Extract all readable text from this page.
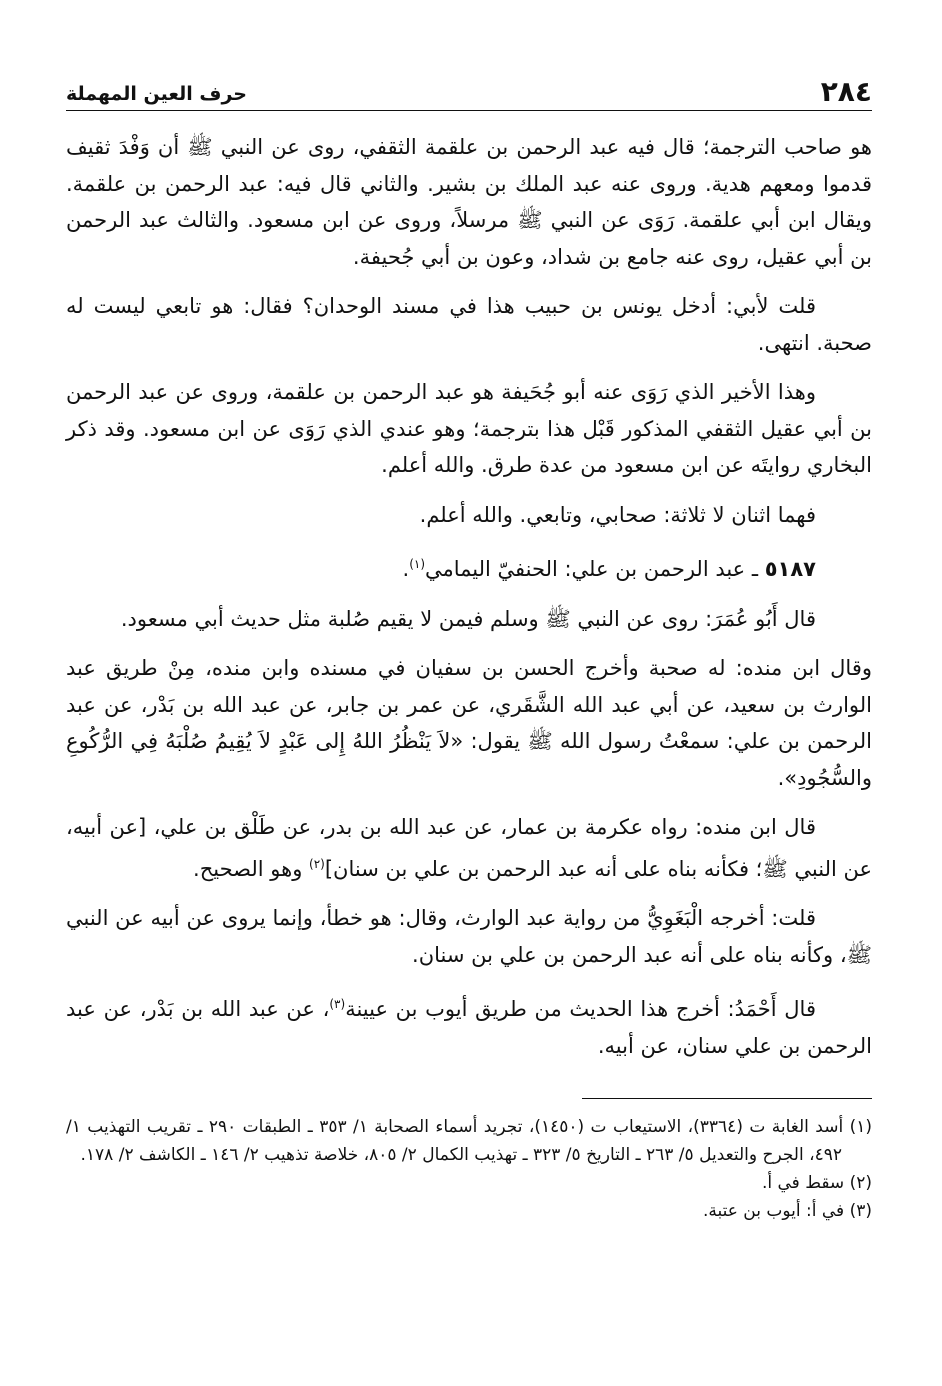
٢٨٤
حرف العين المهملة

هو صاحب الترجمة؛ قال فيه عبد الرحمن بن علقمة الثقفي، روى عن النبي ﷺ أن وَفْدَ ثقيف قدموا ومعهم هدية. وروى عنه عبد الملك بن بشير. والثاني قال فيه: عبد الرحمن بن علقمة. ويقال ابن أبي علقمة. رَوَى عن النبي ﷺ مرسلاً، وروى عن ابن مسعود. والثالث عبد الرحمن بن أبي عقيل، روى عنه جامع بن شداد، وعون بن أبي جُحيفة.

قلت لأبي: أدخل يونس بن حبيب هذا في مسند الوحدان؟ فقال: هو تابعي ليست له صحبة. انتهى.

وهذا الأخير الذي رَوَى عنه أبو جُحَيفة هو عبد الرحمن بن علقمة، وروى عن عبد الرحمن بن أبي عقيل الثقفي المذكور قَبْل هذا بترجمة؛ وهو عندي الذي رَوَى عن ابن مسعود. وقد ذكر البخاري روايتَه عن ابن مسعود من عدة طرق. والله أعلم.

فهما اثنان لا ثلاثة: صحابي، وتابعي. والله أعلم.

٥١٨٧ ـ عبد الرحمن بن علي: الحنفيّ اليمامي$^{(١)}$.

قال أَبُو عُمَرَ: روى عن النبي ﷺ وسلم فيمن لا يقيم صُلبة مثل حديث أبي مسعود.

وقال ابن منده: له صحبة وأخرج الحسن بن سفيان في مسنده وابن منده، مِنْ طريق عبد الوارث بن سعيد، عن أبي عبد الله الشَّقَري، عن عمر بن جابر، عن عبد الله بن بَدْر، عن عبد الرحمن بن علي: سمعْتُ رسول الله ﷺ يقول: «لاَ يَنْظُرُ اللهُ إِلى عَبْدٍ لاَ يُقِيمُ صُلْبَهُ فِي الرُّكُوعِ والسُّجُودِ».

قال ابن منده: رواه عكرمة بن عمار، عن عبد الله بن بدر، عن طَلْق بن علي، [عن أبيه، عن النبي ﷺ؛ فكأنه بناه على أنه عبد الرحمن بن علي بن سنان]$^{(٢)}$ وهو الصحيح.

قلت: أخرجه الْبَغَوِيُّ من رواية عبد الوارث، وقال: هو خطأ، وإنما يروى عن أبيه عن النبي ﷺ، وكأنه بناه على أنه عبد الرحمن بن علي بن سنان.

قال أَحْمَدُ: أخرج هذا الحديث من طريق أيوب بن عيينة$^{(٣)}$، عن عبد الله بن بَدْر، عن عبد الرحمن بن علي سنان، عن أبيه.

(١) أسد الغابة ت (٣٣٦٤)، الاستيعاب ت (١٤٥٠)، تجريد أسماء الصحابة ١/ ٣٥٣ ـ الطبقات ٢٩٠ ـ تقريب التهذيب ١/ ٤٩٢، الجرح والتعديل ٥/ ٢٦٣ ـ التاريخ ٥/ ٣٢٣ ـ تهذيب الكمال ٢/ ٨٠٥، خلاصة تذهيب ٢/ ١٤٦ ـ الكاشف ٢/ ١٧٨.

(٢) سقط في أ.

(٣) في أ: أيوب بن عتبة.
